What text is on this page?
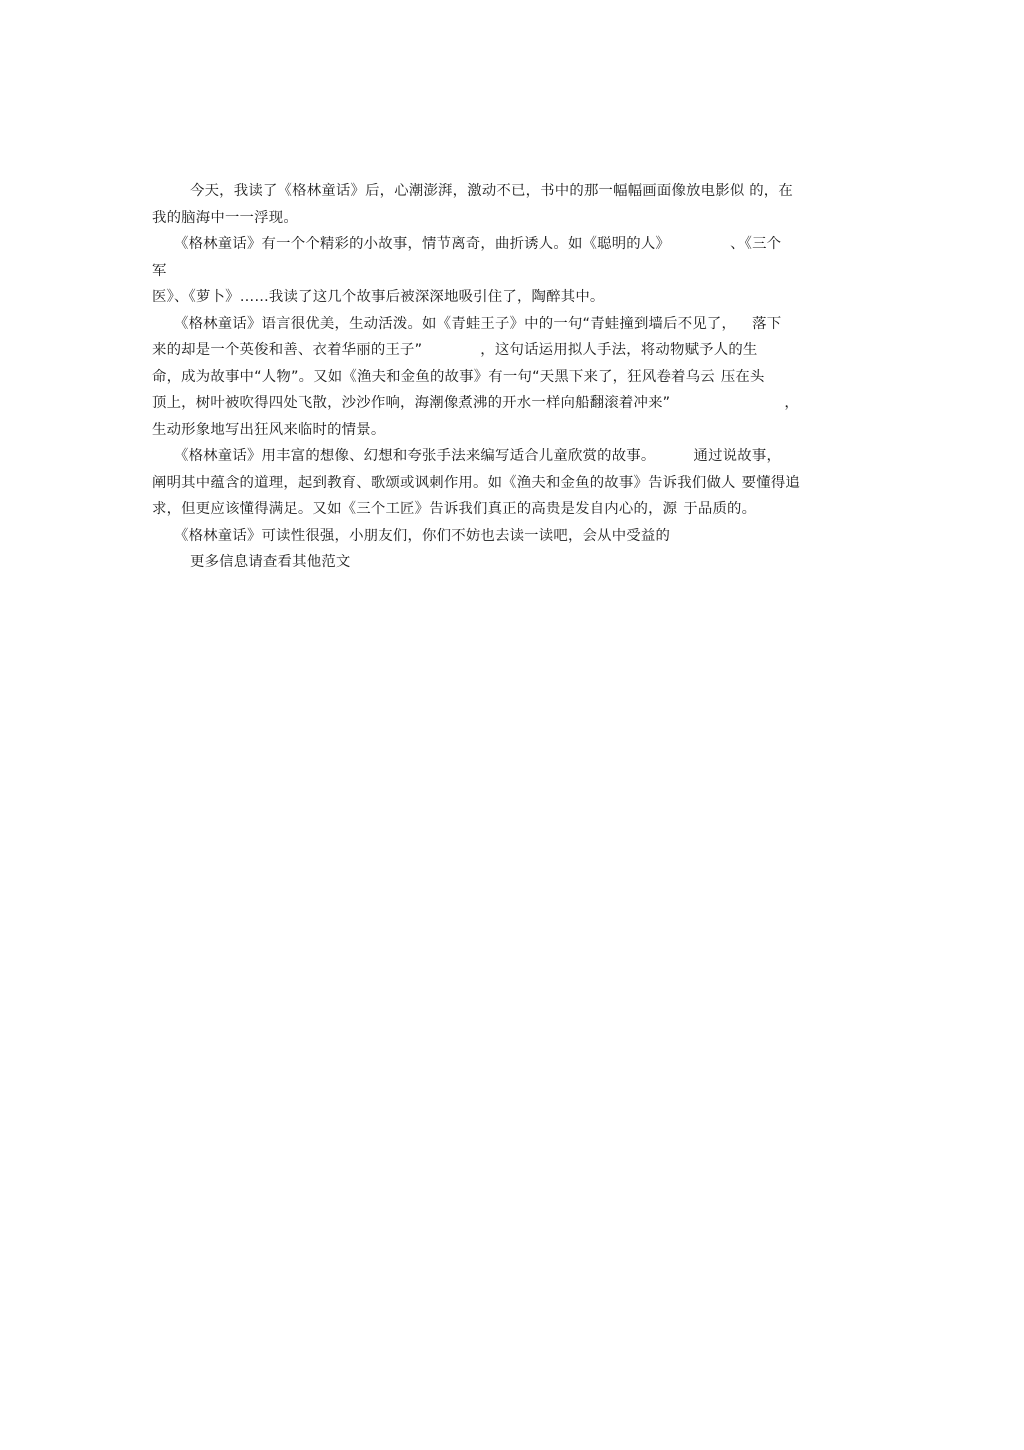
今天，我读了《格林童话》后，心潮澎湃，激动不已，书中的那一幅幅画面像放电影似 的，在
我的脑海中一一浮现。
《格林童话》有一个个精彩的小故事，情节离奇，曲折诱人。如《聪明的人》	、《三个
军
医》、《萝卜》……我读了这几个故事后被深深地吸引住了，陶醉其中。
《格林童话》语言很优美，生动活泼。如《青蛙王子》中的一句“青蛙撞到墙后不见了， 落下
来的却是一个英俊和善、衣着华丽的王子”	，这句话运用拟人手法，将动物赋予人的生
命，成为故事中“人物”。又如《渔夫和金鱼的故事》有一句“天黑下来了，狂风卷着乌云 压在头
顶上，树叶被吹得四处飞散，沙沙作响，海潮像煮沸的开水一样向船翻滚着冲来”	，
生动形象地写出狂风来临时的情景。
《格林童话》用丰富的想像、幻想和夸张手法来编写适合儿童欣赏的故事。	通过说故事，
阐明其中蕴含的道理，起到教育、歌颂或讽刺作用。如《渔夫和金鱼的故事》告诉我们做人 要懂得追
求，但更应该懂得满足。又如《三个工匠》告诉我们真正的高贵是发自内心的，源 于品质的。
《格林童话》可读性很强，小朋友们，你们不妨也去读一读吧，会从中受益的
更多信息请查看其他范文
